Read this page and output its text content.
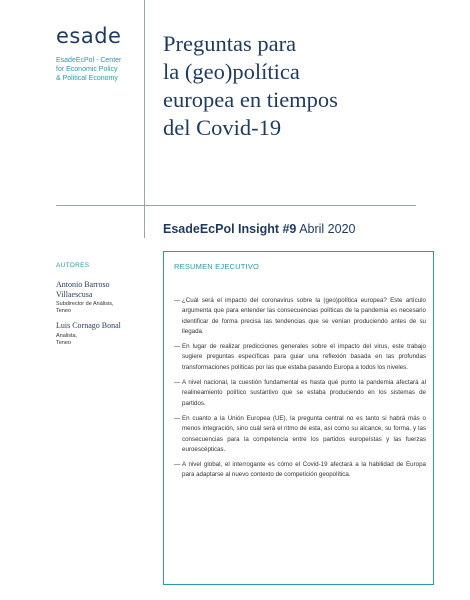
esade
EsadeEcPol - Center
for Economic Policy
& Political Economy
Preguntas para
la (geo)política
europea en tiempos
del Covid-19
EsadeEcPol Insight #9 Abril 2020
AUTORES
Antonio Barroso Villaescusa
Subdirector de Análisis,
Teneo
Luis Cornago Bonal
Analista,
Teneo
RESUMEN EJECUTIVO
— ¿Cuál será el impacto del coronavirus sobre la (geo)política europea? Este artículo argumenta que para entender las consecuencias políticas de la pandemia es necesario identificar de forma precisa las tendencias que se venían produciendo antes de su llegada.
— En lugar de realizar predicciones generales sobre el impacto del virus, este trabajo sugiere preguntas específicas para guiar una reflexión basada en las profundas transformaciones políticas por las que estaba pasando Europa a todos los niveles.
— A nivel nacional, la cuestión fundamental es hasta qué punto la pandemia afectará al realineamiento político sustantivo que se estaba produciendo en los sistemas de partidos.
— En cuanto a la Unión Europea (UE), la pregunta central no es tanto si habrá más o menos integración, sino cuál será el ritmo de esta, así como su alcance, su forma, y las consecuencias para la competencia entre los partidos europeístas y las fuerzas euroescépticas.
— A nivel global, el interrogante es cómo el Covid-19 afectará a la habilidad de Europa para adaptarse al nuevo contexto de competición geopolítica.
